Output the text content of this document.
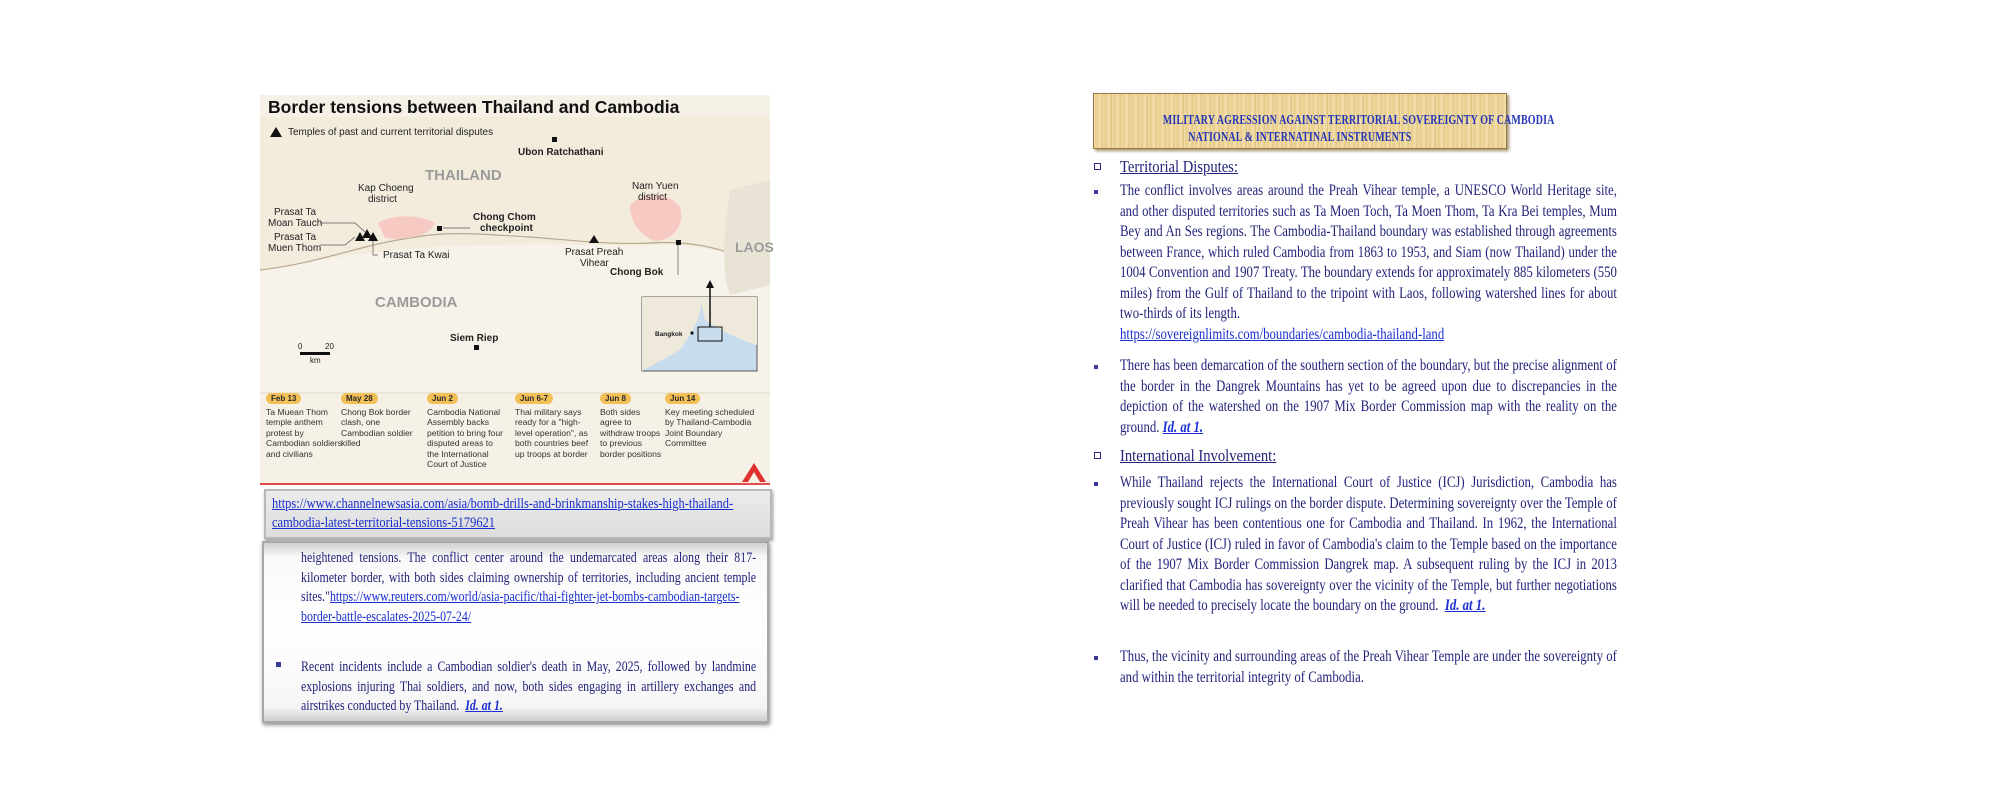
Temples of past and current territorial disputes
THAILAND
CAMBODIA
LAOS
Ubon Ratchathani
Kap Choeng district
Nam Yuen district
Prasat Ta Moan Tauch
Prasat Ta Muen Thom
Prasat Ta Kwai
Chong Chom checkpoint
Prasat Preah Vihear
Chong Bok
Siem Riep
0	20
km
Bangkok
Border tensions between Thailand and Cambodia
Feb 13
Ta Muean Thom temple anthem protest by Cambodian soldiers and civilians
May 28
Chong Bok border clash, one Cambodian soldier killed
Jun 2
Cambodia National Assembly backs petition to bring four disputed areas to the International Court of Justice
Jun 6-7
Thai military says ready for a "high-level operation", as both countries beef up troops at border
Jun 8
Both sides agree to withdraw troops to previous border positions
Jun 14
Key meeting scheduled by Thailand-Cambodia Joint Boundary Committee
https://www.channelnewsasia.com/asia/bomb-drills-and-brinkmanship-stakes-high-thailand-cambodia-latest-territorial-tensions-5179621
heightened tensions. The conflict center around the undemarcated areas along their 817-kilometer border, with both sides claiming ownership of territories, including ancient temple sites."https://www.reuters.com/world/asia-pacific/thai-fighter-jet-bombs-cambodian-targets-border-battle-escalates-2025-07-24/
Recent incidents include a Cambodian soldier's death in May, 2025, followed by landmine explosions injuring Thai soldiers, and now, both sides engaging in artillery exchanges and airstrikes conducted by Thailand. Id. at 1.
MILITARY AGRESSION AGAINST TERRITORIAL SOVEREIGNTY OF CAMBODIA
NATIONAL & INTERNATINAL INSTRUMENTS
Territorial Disputes:
The conflict involves areas around the Preah Vihear temple, a UNESCO World Heritage site, and other disputed territories such as Ta Moen Toch, Ta Moen Thom, Ta Kra Bei temples, Mum Bey and An Ses regions. The Cambodia-Thailand boundary was established through agreements between France, which ruled Cambodia from 1863 to 1953, and Siam (now Thailand) under the 1004 Convention and 1907 Treaty. The boundary extends for approximately 885 kilometers (550 miles) from the Gulf of Thailand to the tripoint with Laos, following watershed lines for about two-thirds of its length.
https://sovereignlimits.com/boundaries/cambodia-thailand-land
There has been demarcation of the southern section of the boundary, but the precise alignment of the border in the Dangrek Mountains has yet to be agreed upon due to discrepancies in the depiction of the watershed on the 1907 Mix Border Commission map with the reality on the ground. Id. at 1.
International Involvement:
While Thailand rejects the International Court of Justice (ICJ) Jurisdiction, Cambodia has previously sought ICJ rulings on the border dispute. Determining sovereignty over the Temple of Preah Vihear has been contentious one for Cambodia and Thailand. In 1962, the International Court of Justice (ICJ) ruled in favor of Cambodia's claim to the Temple based on the importance of the 1907 Mix Border Commission Dangrek map. A subsequent ruling by the ICJ in 2013 clarified that Cambodia has sovereignty over the vicinity of the Temple, but further negotiations will be needed to precisely locate the boundary on the ground. Id. at 1.
Thus, the vicinity and surrounding areas of the Preah Vihear Temple are under the sovereignty of and within the territorial integrity of Cambodia.
